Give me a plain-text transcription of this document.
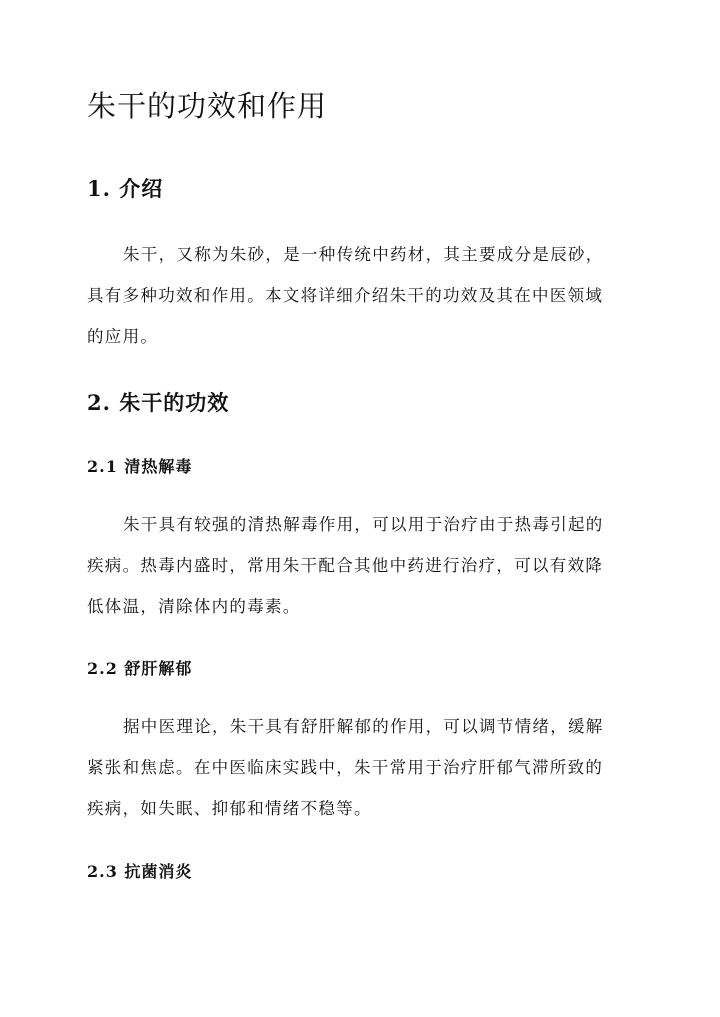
朱干的功效和作用
1. 介绍

朱干，又称为朱砂，是一种传统中药材，其主要成分是辰砂，
具有多种功效和作用。本文将详细介绍朱干的功效及其在中医领域
的应用。

2. 朱干的功效
2.1 清热解毒

朱干具有较强的清热解毒作用，可以用于治疗由于热毒引起的
疾病。热毒内盛时，常用朱干配合其他中药进行治疗，可以有效降
低体温，清除体内的毒素。

2.2 舒肝解郁

据中医理论，朱干具有舒肝解郁的作用，可以调节情绪，缓解
紧张和焦虑。在中医临床实践中，朱干常用于治疗肝郁气滞所致的
疾病，如失眠、抑郁和情绪不稳等。

2.3 抗菌消炎
